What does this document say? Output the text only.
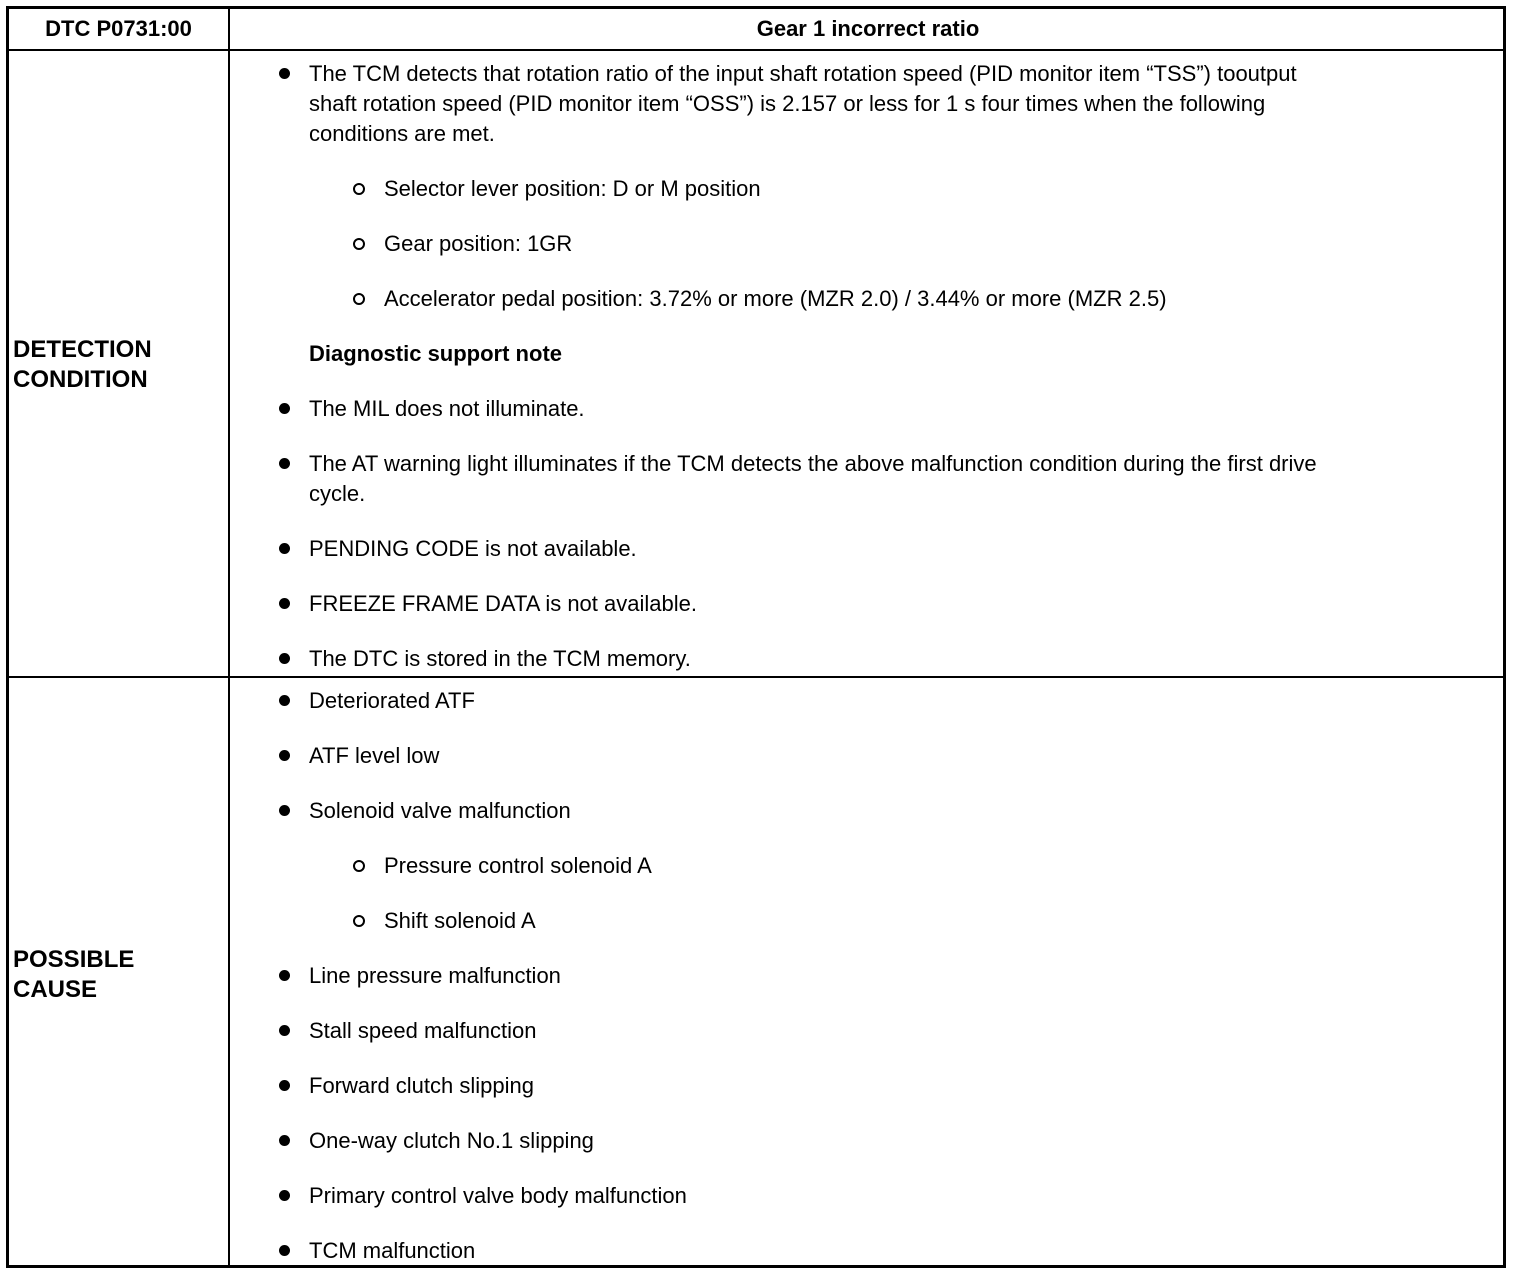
DTC P0731:00	Gear 1 incorrect ratio
DETECTION
CONDITION
The TCM detects that rotation ratio of the input shaft rotation speed (PID monitor item “TSS”) tooutput
shaft rotation speed (PID monitor item “OSS”) is 2.157 or less for 1 s four times when the following
conditions are met.
Selector lever position: D or M position
Gear position: 1GR
Accelerator pedal position: 3.72% or more (MZR 2.0) / 3.44% or more (MZR 2.5)
Diagnostic support note
The MIL does not illuminate.
The AT warning light illuminates if the TCM detects the above malfunction condition during the first drive
cycle.
PENDING CODE is not available.
FREEZE FRAME DATA is not available.
The DTC is stored in the TCM memory.
POSSIBLE
CAUSE
Deteriorated ATF
ATF level low
Solenoid valve malfunction
Pressure control solenoid A
Shift solenoid A
Line pressure malfunction
Stall speed malfunction
Forward clutch slipping
One-way clutch No.1 slipping
Primary control valve body malfunction
TCM malfunction
